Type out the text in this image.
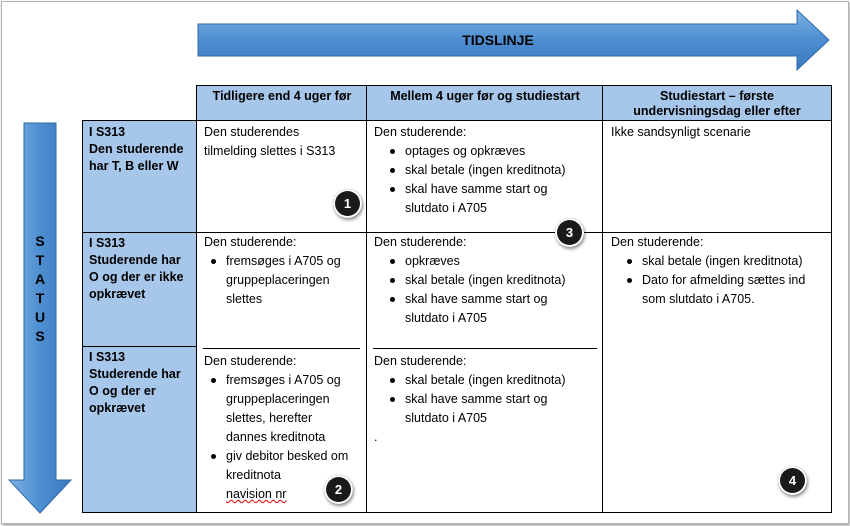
TIDSLINJE
S
T
A
T
U
S
Tidligere end 4 uger før	Mellem 4 uger før og studiestart	Studiestart – første undervisningsdag eller efter
I S313
Den studerende
har T, B eller W
I S313
Studerende har
O og der er ikke
opkrævet
I S313
Studerende har
O og der er
opkrævet
Den studerendes
tilmelding slettes i S313
Den studerende:
optages og opkræves
skal betale (ingen kreditnota)
skal have samme start og slutdato i A705
Ikke sandsynligt scenarie
Den studerende:
fremsøges i A705 og gruppeplaceringen slettes
Den studerende:
opkræves
skal betale (ingen kreditnota)
skal have samme start og slutdato i A705
Den studerende:
skal betale (ingen kreditnota)
Dato for afmelding sættes ind som slutdato i A705.
Den studerende:
fremsøges i A705 og gruppeplaceringen slettes, herefter dannes kreditnota
giv debitor besked om kreditnota
navision nr
Den studerende:
skal betale (ingen kreditnota)
skal have samme start og slutdato i A705
.
1
2
3
4
